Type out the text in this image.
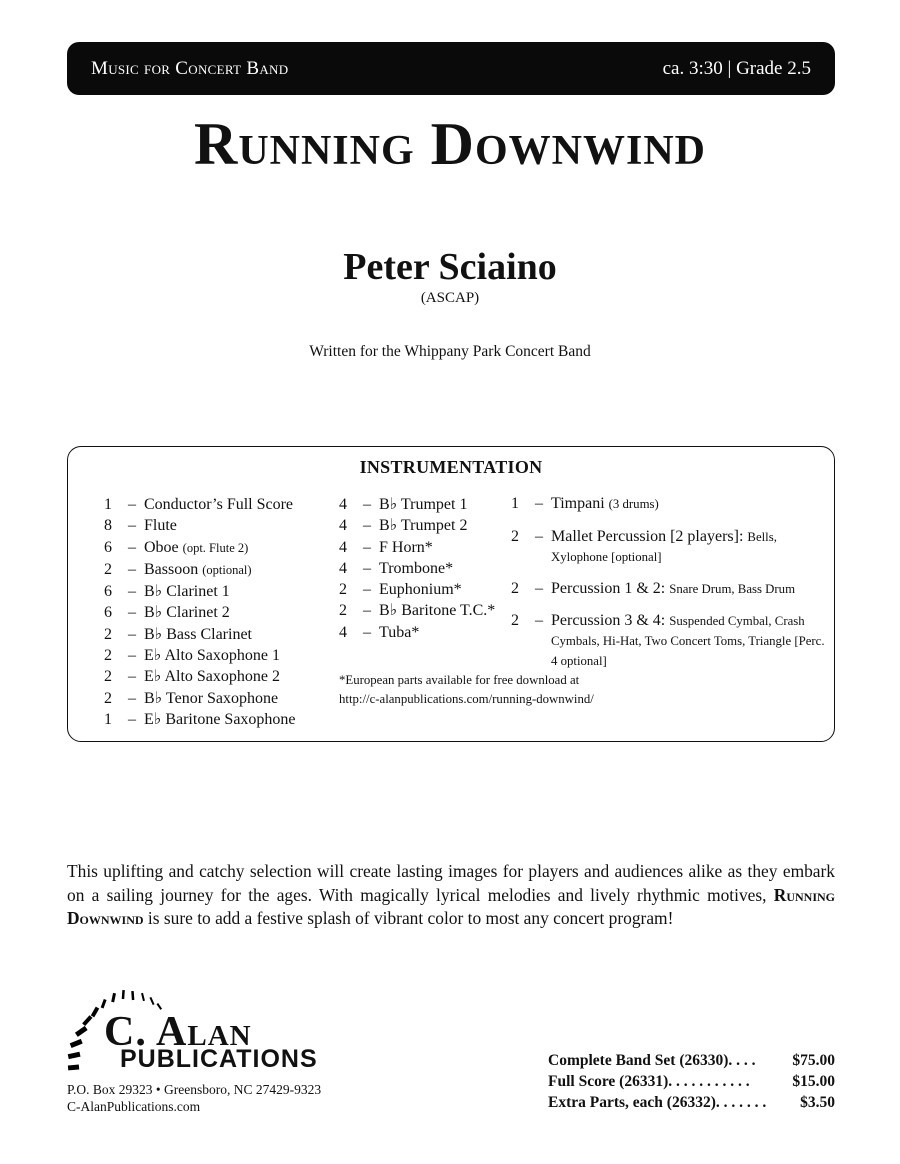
Music for Concert Band	ca. 3:30 | Grade 2.5
Running Downwind
Peter Sciaino
(ASCAP)
Written for the Whippany Park Concert Band
INSTRUMENTATION
1	– Conductor’s Full Score
8	– Flute
6	– Oboe (opt. Flute 2)
2	– Bassoon (optional)
6	– B♭ Clarinet 1
6	– B♭ Clarinet 2
2	– B♭ Bass Clarinet
2	– E♭ Alto Saxophone 1
2	– E♭ Alto Saxophone 2
2	– B♭ Tenor Saxophone
1	– E♭ Baritone Saxophone
4	– B♭ Trumpet 1
4	– B♭ Trumpet 2
4	– F Horn*
4	– Trombone*
2	– Euphonium*
2	– B♭ Baritone T.C.*
4	– Tuba*
*European parts available for free download at
http://c-alanpublications.com/running-downwind/
1	– Timpani (3 drums)
2	– Mallet Percussion [2 players]: Bells, Xylophone [optional]
2	– Percussion 1 & 2: Snare Drum, Bass Drum
2	– Percussion 3 & 4: Suspended Cymbal, Crash Cymbals, Hi-Hat, Two Concert Toms, Triangle [Perc. 4 optional]
This uplifting and catchy selection will create lasting images for players and audiences alike as they embark on a sailing journey for the ages. With magically lyrical melodies and lively rhythmic motives, Running Downwind is sure to add a festive splash of vibrant color to most any concert program!
C. Alan
PUBLICATIONS
P.O. Box 29323 • Greensboro, NC 27429-9323
C-AlanPublications.com
Complete Band Set (26330) . . . .	$75.00
Full Score (26331) . . . . . . . . . . .	$15.00
Extra Parts, each (26332) . . . . . . .	$3.50
